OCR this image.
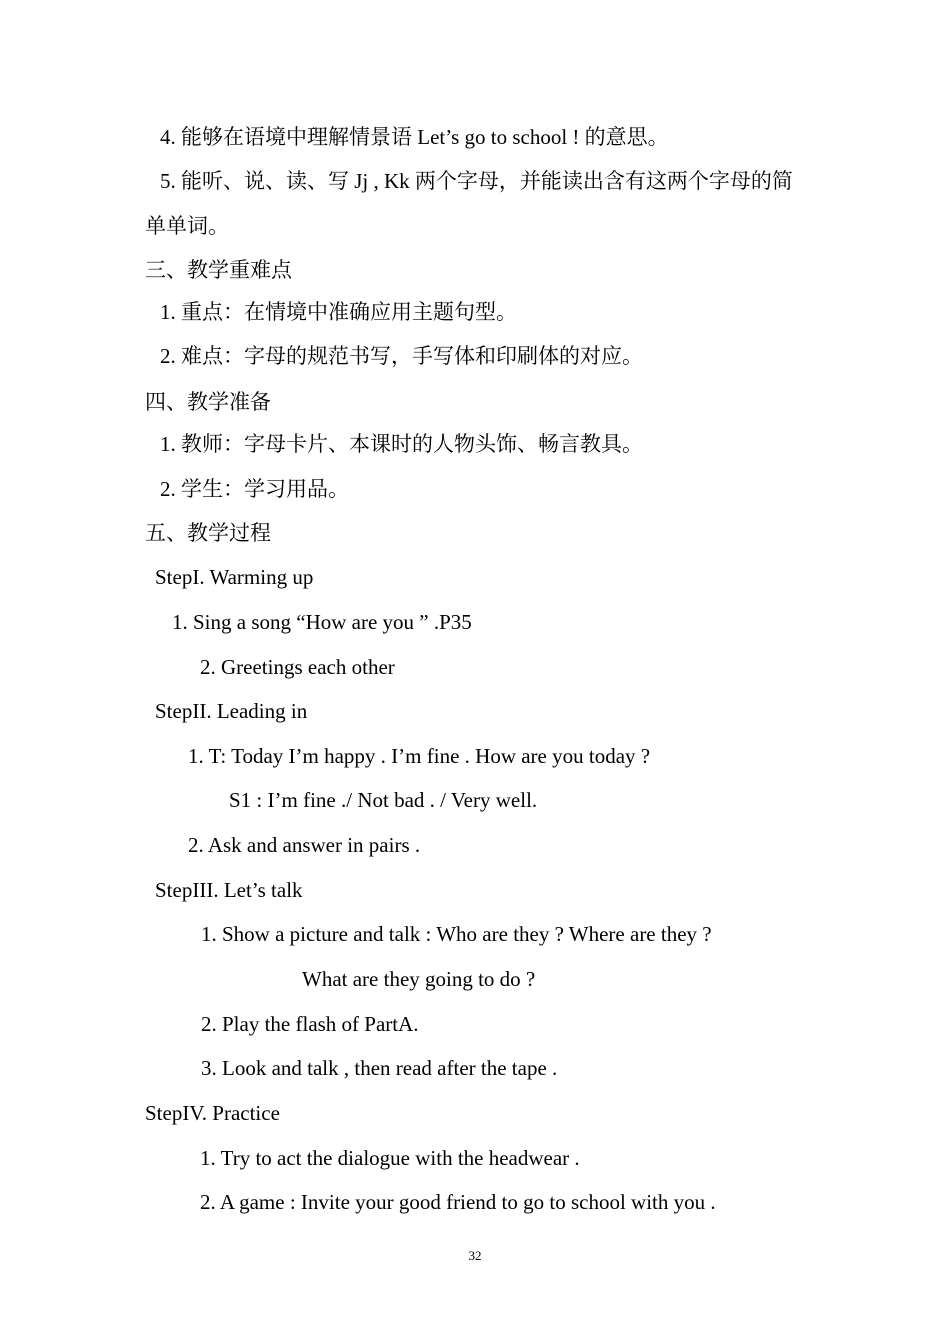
4. 能够在语境中理解情景语 Let’s go to school ! 的意思。
5. 能听、说、读、写 Jj , Kk 两个字母，并能读出含有这两个字母的简
单单词。
三、教学重难点
1. 重点：在情境中准确应用主题句型。
2. 难点：字母的规范书写，手写体和印刷体的对应。
四、教学准备
1. 教师：字母卡片、本课时的人物头饰、畅言教具。
2. 学生：学习用品。
五、教学过程
StepI. Warming up
1. Sing a song “How are you ” .P35
2. Greetings each other
StepII. Leading in
1. T: Today I’m happy . I’m fine . How are you today ?
S1 : I’m fine ./ Not bad . / Very well.
2. Ask and answer in pairs .
StepIII. Let’s talk
1. Show a picture and talk : Who are they ? Where are they ?
What are they going to do ?
2. Play the flash of PartA.
3. Look and talk , then read after the tape .
StepIV. Practice
1. Try to act the dialogue with the headwear .
2. A game : Invite your good friend to go to school with you .
32
